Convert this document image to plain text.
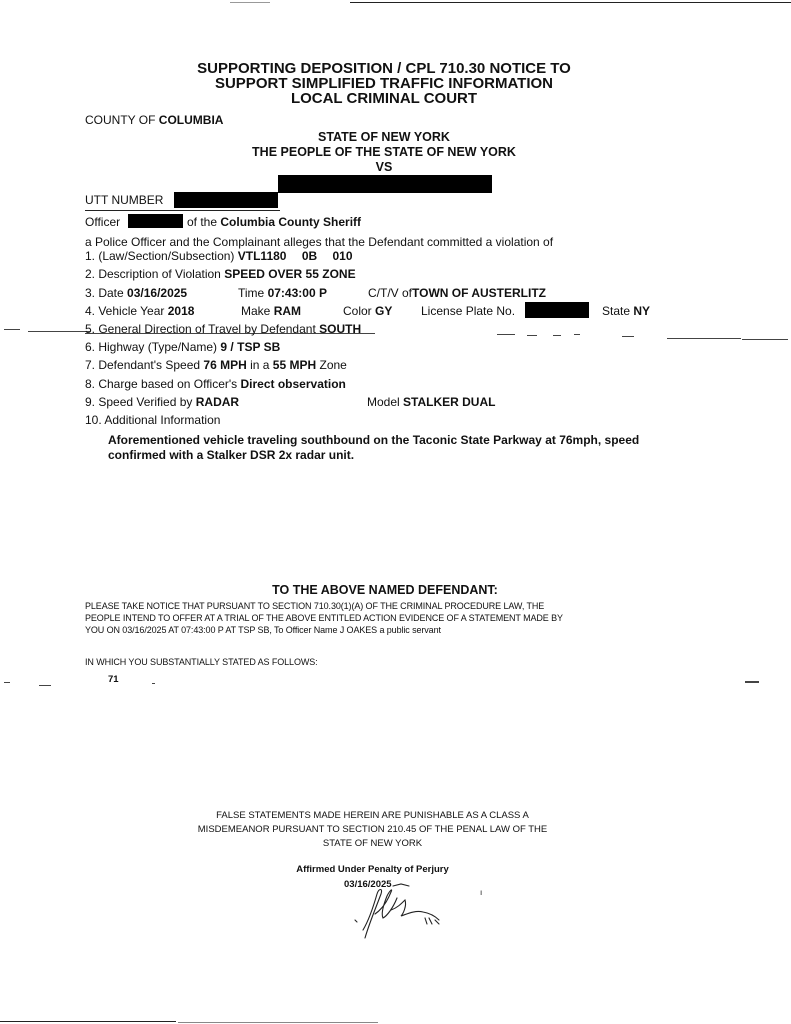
SUPPORTING DEPOSITION / CPL 710.30 NOTICE TO
SUPPORT SIMPLIFIED TRAFFIC INFORMATION
LOCAL CRIMINAL COURT
COUNTY OF COLUMBIA
STATE OF NEW YORK
THE PEOPLE OF THE STATE OF NEW YORK
VS
UTT NUMBER
Officer	of the Columbia County Sheriff
a Police Officer and the Complainant alleges that the Defendant committed a violation of
1. (Law/Section/Subsection) VTL1180 0B 010
2. Description of Violation SPEED OVER 55 ZONE
3. Date 03/16/2025	Time 07:43:00 P	C/T/V ofTOWN OF AUSTERLITZ
4. Vehicle Year 2018	Make RAM	Color GY License Plate No.	State NY
5. General Direction of Travel by Defendant SOUTH
6. Highway (Type/Name) 9 / TSP SB
7. Defendant's Speed 76 MPH in a 55 MPH Zone
8. Charge based on Officer's Direct observation
9. Speed Verified by RADAR	Model STALKER DUAL
10. Additional Information
Aforementioned vehicle traveling southbound on the Taconic State Parkway at 76mph, speed
confirmed with a Stalker DSR 2x radar unit.
TO THE ABOVE NAMED DEFENDANT:
PLEASE TAKE NOTICE THAT PURSUANT TO SECTION 710.30(1)(A) OF THE CRIMINAL PROCEDURE LAW, THE
PEOPLE INTEND TO OFFER AT A TRIAL OF THE ABOVE ENTITLED ACTION EVIDENCE OF A STATEMENT MADE BY
YOU ON 03/16/2025 AT 07:43:00 P AT TSP SB, To Officer Name J OAKES a public servant
IN WHICH YOU SUBSTANTIALLY STATED AS FOLLOWS:
71
FALSE STATEMENTS MADE HEREIN ARE PUNISHABLE AS A CLASS A
MISDEMEANOR PURSUANT TO SECTION 210.45 OF THE PENAL LAW OF THE
STATE OF NEW YORK
Affirmed Under Penalty of Perjury
03/16/2025
ı
